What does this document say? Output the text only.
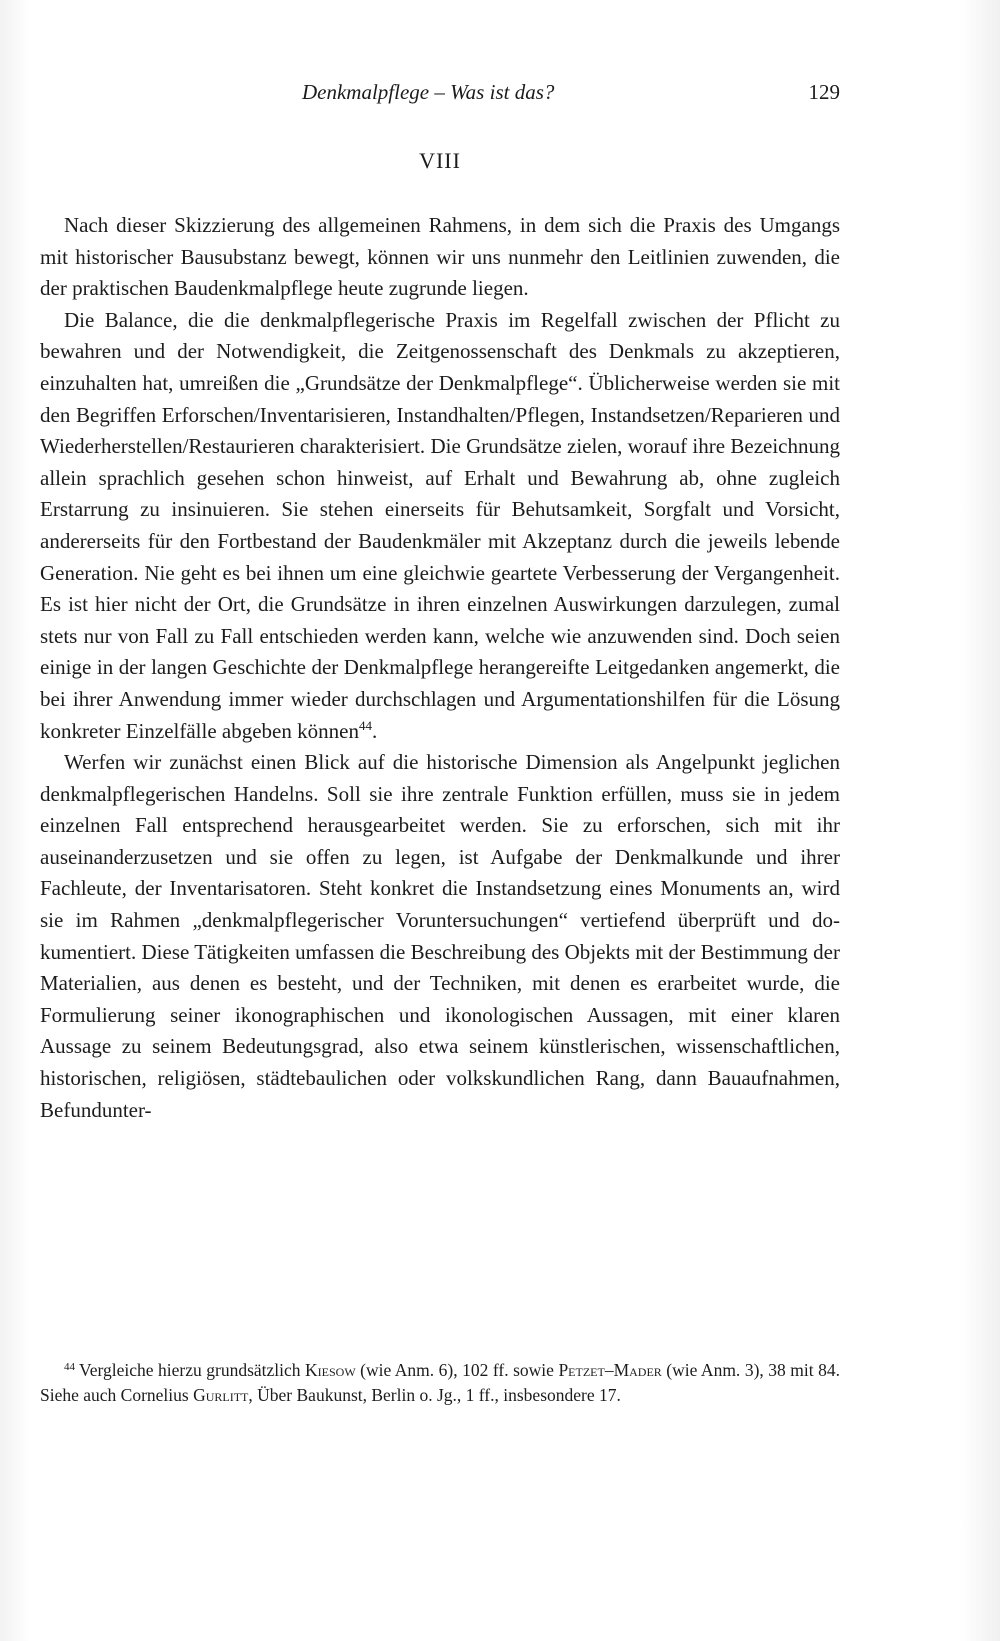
Denkmalpflege – Was ist das?	129
VIII

Nach dieser Skizzierung des allgemeinen Rahmens, in dem sich die Praxis des Umgangs mit historischer Bausubstanz bewegt, können wir uns nunmehr den Leitlinien zuwenden, die der praktischen Baudenkmalpflege heute zugrunde liegen.

Die Balance, die die denkmalpflegerische Praxis im Regelfall zwischen der Pflicht zu bewahren und der Notwendigkeit, die Zeitgenossenschaft des Denkmals zu akzeptieren, einzuhalten hat, umreißen die „Grundsätze der Denkmalpflege“. Üblicherweise werden sie mit den Begriffen Erforschen/Inventarisieren, Instandhalten/Pflegen, Instandsetzen/Reparieren und Wiederherstellen/Restaurieren charakterisiert. Die Grundsätze zielen, worauf ihre Bezeichnung allein sprachlich gesehen schon hinweist, auf Erhalt und Bewahrung ab, ohne zugleich Erstarrung zu insinuieren. Sie stehen einerseits für Behutsamkeit, Sorgfalt und Vorsicht, andererseits für den Fortbestand der Baudenkmäler mit Akzeptanz durch die jeweils lebende Generation. Nie geht es bei ihnen um eine gleichwie geartete Verbesserung der Vergangenheit. Es ist hier nicht der Ort, die Grundsätze in ihren einzelnen Auswirkungen darzulegen, zumal stets nur von Fall zu Fall entschieden werden kann, welche wie anzuwenden sind. Doch seien einige in der langen Geschichte der Denkmalpflege herangereifte Leitgedanken angemerkt, die bei ihrer Anwendung immer wieder durchschlagen und Argumentationshilfen für die Lösung konkreter Einzelfälle abgeben können$^{44}$.

Werfen wir zunächst einen Blick auf die historische Dimension als Angelpunkt jeglichen denkmalpflegerischen Handelns. Soll sie ihre zentrale Funktion erfüllen, muss sie in jedem einzelnen Fall entsprechend herausgearbeitet werden. Sie zu erforschen, sich mit ihr auseinanderzusetzen und sie offen zu legen, ist Aufgabe der Denkmalkunde und ihrer Fachleute, der Inventarisatoren. Steht konkret die Instandsetzung eines Monuments an, wird sie im Rahmen „denkmalpflegerischer Voruntersuchungen“ vertiefend überprüft und dokumentiert. Diese Tätigkeiten umfassen die Beschreibung des Objekts mit der Bestimmung der Materialien, aus denen es besteht, und der Techniken, mit denen es erarbeitet wurde, die Formulierung seiner ikonographischen und ikonologischen Aussagen, mit einer klaren Aussage zu seinem Bedeutungsgrad, also etwa seinem künstlerischen, wissenschaftlichen, historischen, religiösen, städtebaulichen oder volkskundlichen Rang, dann Bauaufnahmen, Befundunter-

$^{44}$ Vergleiche hierzu grundsätzlich Kiesow (wie Anm. 6), 102 ff. sowie Petzet–Mader (wie Anm. 3), 38 mit 84. Siehe auch Cornelius Gurlitt, Über Baukunst, Berlin o. Jg., 1 ff., insbesondere 17.
